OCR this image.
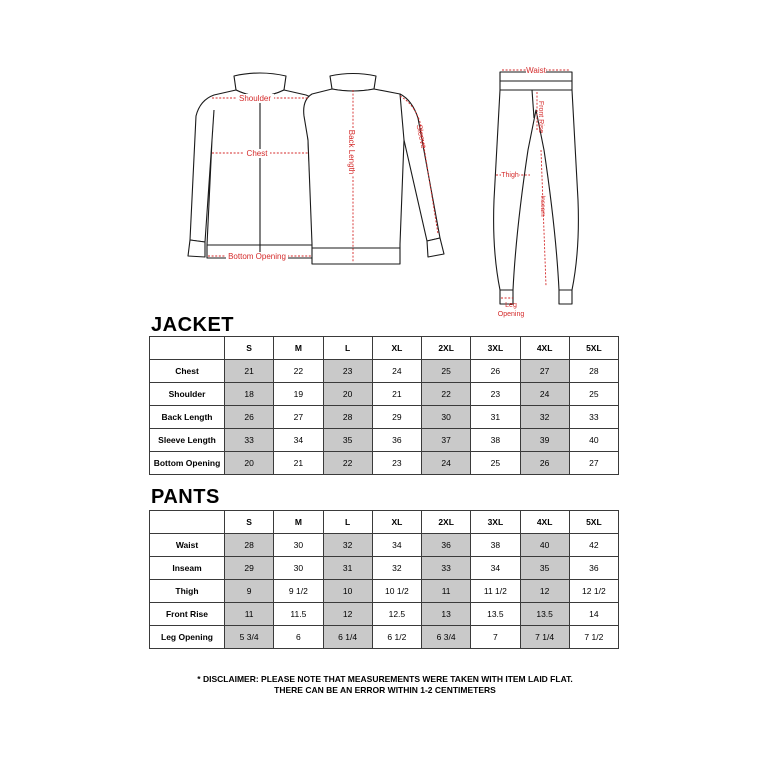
Shoulder
Chest
Bottom Opening
Back Length	Sleeve
Waist
Front Rise
Thigh
Inseam
Leg
Opening
JACKET
	S	M	L	XL	2XL	3XL	4XL	5XL
Chest	21	22	23	24	25	26	27	28
Shoulder	18	19	20	21	22	23	24	25
Back Length	26	27	28	29	30	31	32	33
Sleeve Length	33	34	35	36	37	38	39	40
Bottom Opening	20	21	22	23	24	25	26	27
PANTS
	S	M	L	XL	2XL	3XL	4XL	5XL
Waist	28	30	32	34	36	38	40	42
Inseam	29	30	31	32	33	34	35	36
Thigh	9	9 1/2	10	10 1/2	11	11 1/2	12	12 1/2
Front Rise	11	11.5	12	12.5	13	13.5	13.5	14
Leg Opening	5 3/4	6	6 1/4	6 1/2	6 3/4	7	7 1/4	7 1/2
* DISCLAIMER: PLEASE NOTE THAT MEASUREMENTS WERE TAKEN WITH ITEM LAID FLAT.
THERE CAN BE AN ERROR WITHIN 1-2 CENTIMETERS
